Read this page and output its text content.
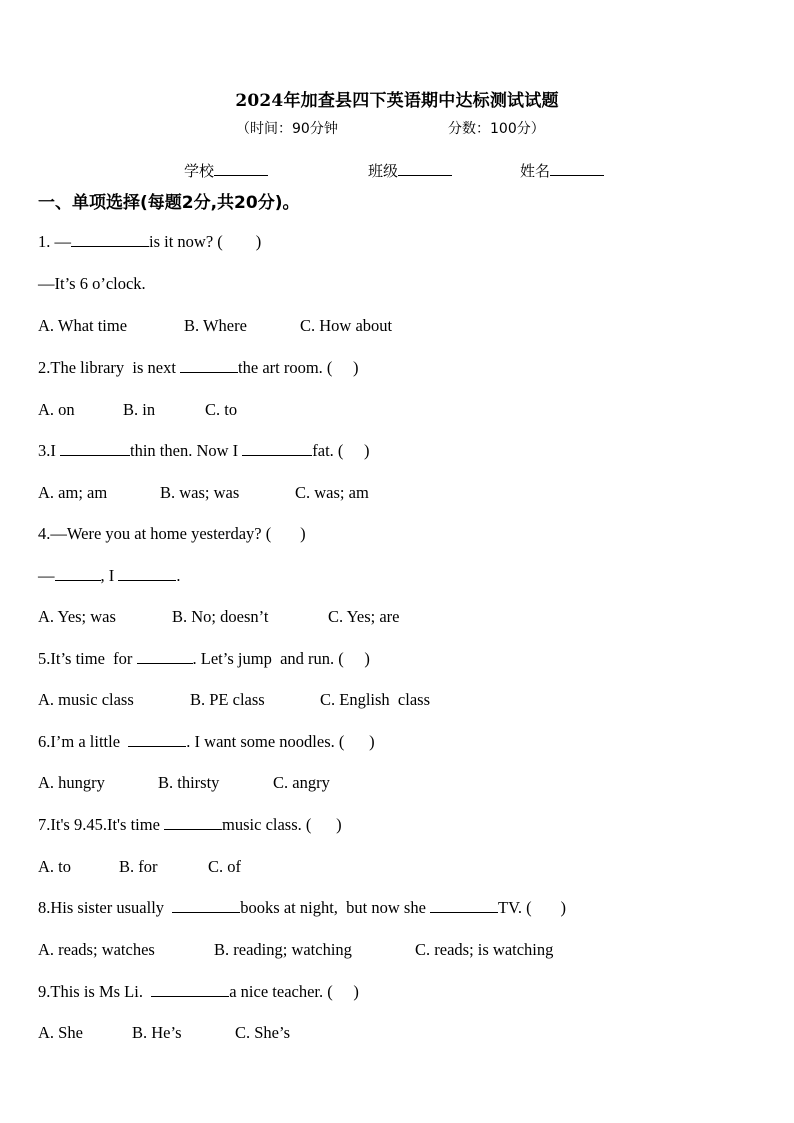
2024年加查县四下英语期中达标测试试题
（时间：90分钟	分数：100分）
学校	班级	姓名
一、单项选择(每题2分,共20分)。
1. —	is it now? (        )
—It’s 6 o’clock.
A. What time	B. Where	C. How about
2.The library  is next	the art room. (     )
A. on	B. in	C. to
3.I	thin then. Now I	fat. (     )
A. am; am	B. was; was	C. was; am
4.—Were you at home yesterday? (       )
—	, I	.
A. Yes; was	B. No; doesn’t	C. Yes; are
5.It’s time  for	. Let’s jump  and run. (     )
A. music class	B. PE class	C. English  class
6.I’m a little	. I want some noodles. (      )
A. hungry	B. thirsty	C. angry
7.It's 9.45.It's time	music class. (      )
A. to	B. for	C. of
8.His sister usually	books at night,  but now she	TV. (       )
A. reads; watches	B. reading; watching	C. reads; is watching
9.This is Ms Li.	a nice teacher. (     )
A. She	B. He’s	C. She’s
